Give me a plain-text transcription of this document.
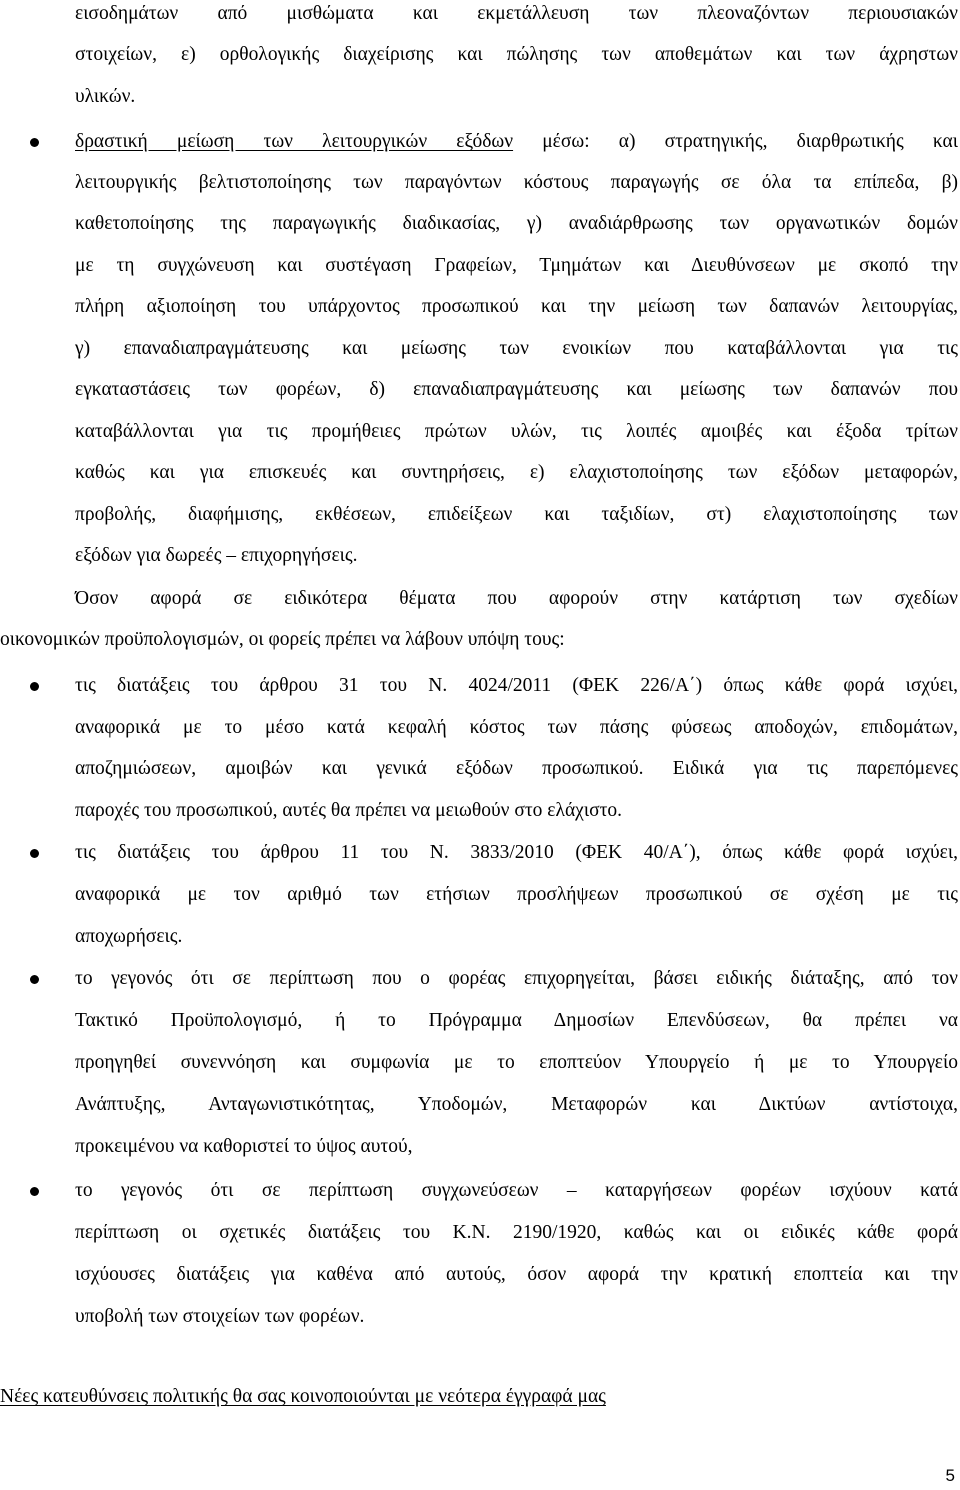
εισοδημάτων από μισθώματα και εκμετάλλευση των πλεοναζόντων περιουσιακών
στοιχείων, ε) ορθολογικής διαχείρισης και πώλησης των αποθεμάτων και των άχρηστων
υλικών.
δραστική μείωση των λειτουργικών εξόδων μέσω: α) στρατηγικής, διαρθρωτικής και
λειτουργικής βελτιστοποίησης των παραγόντων κόστους παραγωγής σε όλα τα επίπεδα, β)
καθετοποίησης της παραγωγικής διαδικασίας, γ) αναδιάρθρωσης των οργανωτικών δομών
με τη συγχώνευση και συστέγαση Γραφείων, Τμημάτων και Διευθύνσεων με σκοπό την
πλήρη αξιοποίηση του υπάρχοντος προσωπικού και την μείωση των δαπανών λειτουργίας,
γ) επαναδιαπραγμάτευσης και μείωσης των ενοικίων που καταβάλλονται για τις
εγκαταστάσεις των φορέων, δ) επαναδιαπραγμάτευσης και μείωσης των δαπανών που
καταβάλλονται για τις προμήθειες πρώτων υλών, τις λοιπές αμοιβές και έξοδα τρίτων
καθώς και για επισκευές και συντηρήσεις, ε) ελαχιστοποίησης των εξόδων μεταφορών,
προβολής, διαφήμισης, εκθέσεων, επιδείξεων και ταξιδίων, στ) ελαχιστοποίησης των
εξόδων για δωρεές – επιχορηγήσεις.
Όσον αφορά σε ειδικότερα θέματα που αφορούν στην κατάρτιση των σχεδίων
οικονομικών προϋπολογισμών, οι φορείς πρέπει να λάβουν υπόψη τους:
τις διατάξεις του άρθρου 31 του Ν. 4024/2011 (ΦΕΚ 226/Α΄) όπως κάθε φορά ισχύει,
αναφορικά με το μέσο κατά κεφαλή κόστος των πάσης φύσεως αποδοχών, επιδομάτων,
αποζημιώσεων, αμοιβών και γενικά εξόδων προσωπικού. Ειδικά για τις παρεπόμενες
παροχές του προσωπικού, αυτές θα πρέπει να μειωθούν στο ελάχιστο.
τις διατάξεις του άρθρου 11 του Ν. 3833/2010 (ΦΕΚ 40/Α΄), όπως κάθε φορά ισχύει,
αναφορικά με τον αριθμό των ετήσιων προσλήψεων προσωπικού σε σχέση με τις
αποχωρήσεις.
το γεγονός ότι σε περίπτωση που ο φορέας επιχορηγείται, βάσει ειδικής διάταξης, από τον
Τακτικό Προϋπολογισμό, ή το Πρόγραμμα Δημοσίων Επενδύσεων, θα πρέπει να
προηγηθεί συνεννόηση και συμφωνία με το εποπτεύον Υπουργείο ή με το Υπουργείο
Ανάπτυξης, Ανταγωνιστικότητας, Υποδομών, Μεταφορών και Δικτύων αντίστοιχα,
προκειμένου να καθοριστεί το ύψος αυτού,
το γεγονός ότι σε περίπτωση συγχωνεύσεων – καταργήσεων φορέων ισχύουν κατά
περίπτωση οι σχετικές διατάξεις του Κ.Ν. 2190/1920, καθώς και οι ειδικές κάθε φορά
ισχύουσες διατάξεις για καθένα από αυτούς, όσον αφορά την κρατική εποπτεία και την
υποβολή των στοιχείων των φορέων.
Νέες κατευθύνσεις πολιτικής θα σας κοινοποιούνται με νεότερα έγγραφά μας
5
